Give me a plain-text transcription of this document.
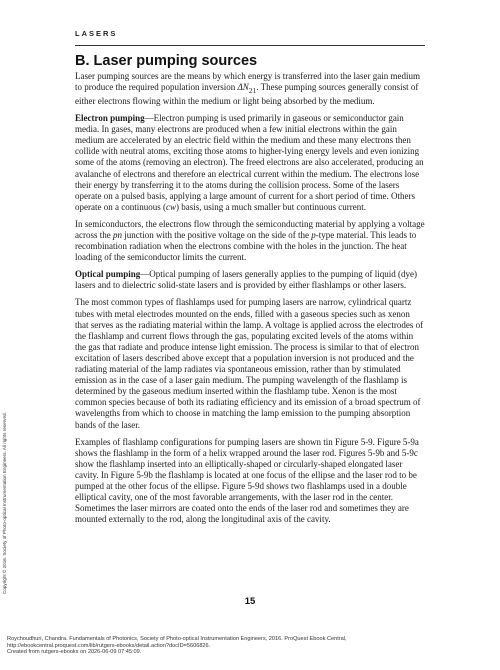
LASERS
B. Laser pumping sources

Laser pumping sources are the means by which energy is transferred into the laser gain medium to produce the required population inversion $\Delta N_{21}$. These pumping sources generally consist of either electrons flowing within the medium or light being absorbed by the medium.

Electron pumping—Electron pumping is used primarily in gaseous or semiconductor gain media. In gases, many electrons are produced when a few initial electrons within the gain medium are accelerated by an electric field within the medium and these many electrons then collide with neutral atoms, exciting those atoms to higher-lying energy levels and even ionizing some of the atoms (removing an electron). The freed electrons are also accelerated, producing an avalanche of electrons and therefore an electrical current within the medium. The electrons lose their energy by transferring it to the atoms during the collision process. Some of the lasers operate on a pulsed basis, applying a large amount of current for a short period of time. Others operate on a continuous (cw) basis, using a much smaller but continuous current.

In semiconductors, the electrons flow through the semiconducting material by applying a voltage across the pn junction with the positive voltage on the side of the p-type material. This leads to recombination radiation when the electrons combine with the holes in the junction. The heat loading of the semiconductor limits the current.

Optical pumping—Optical pumping of lasers generally applies to the pumping of liquid (dye) lasers and to dielectric solid-state lasers and is provided by either flashlamps or other lasers.

The most common types of flashlamps used for pumping lasers are narrow, cylindrical quartz tubes with metal electrodes mounted on the ends, filled with a gaseous species such as xenon that serves as the radiating material within the lamp. A voltage is applied across the electrodes of the flashlamp and current flows through the gas, populating excited levels of the atoms within the gas that radiate and produce intense light emission. The process is similar to that of electron excitation of lasers described above except that a population inversion is not produced and the radiating material of the lamp radiates via spontaneous emission, rather than by stimulated emission as in the case of a laser gain medium. The pumping wavelength of the flashlamp is determined by the gaseous medium inserted within the flashlamp tube. Xenon is the most common species because of both its radiating efficiency and its emission of a broad spectrum of wavelengths from which to choose in matching the lamp emission to the pumping absorption bands of the laser.

Examples of flashlamp configurations for pumping lasers are shown tin Figure 5-9. Figure 5-9a shows the flashlamp in the form of a helix wrapped around the laser rod. Figures 5-9b and 5-9c show the flashlamp inserted into an elliptically-shaped or circularly-shaped elongated laser cavity. In Figure 5-9b the flashlamp is located at one focus of the ellipse and the laser rod to be pumped at the other focus of the ellipse. Figure 5-9d shows two flashlamps used in a double elliptical cavity, one of the most favorable arrangements, with the laser rod in the center. Sometimes the laser mirrors are coated onto the ends of the laser rod and sometimes they are mounted externally to the rod, along the longitudinal axis of the cavity.

15
Copyright © 2016. Society of Photo-optical Instrumentation Engineers. All rights reserved.
Roychoudhuri, Chandra. Fundamentals of Photonics, Society of Photo-optical Instrumentation Engineers, 2016. ProQuest Ebook Central,
http://ebookcentral.proquest.com/lib/rutgers-ebooks/detail.action?docID=5606826.
Created from rutgers-ebooks on 2026-06-09 07:45:09.
